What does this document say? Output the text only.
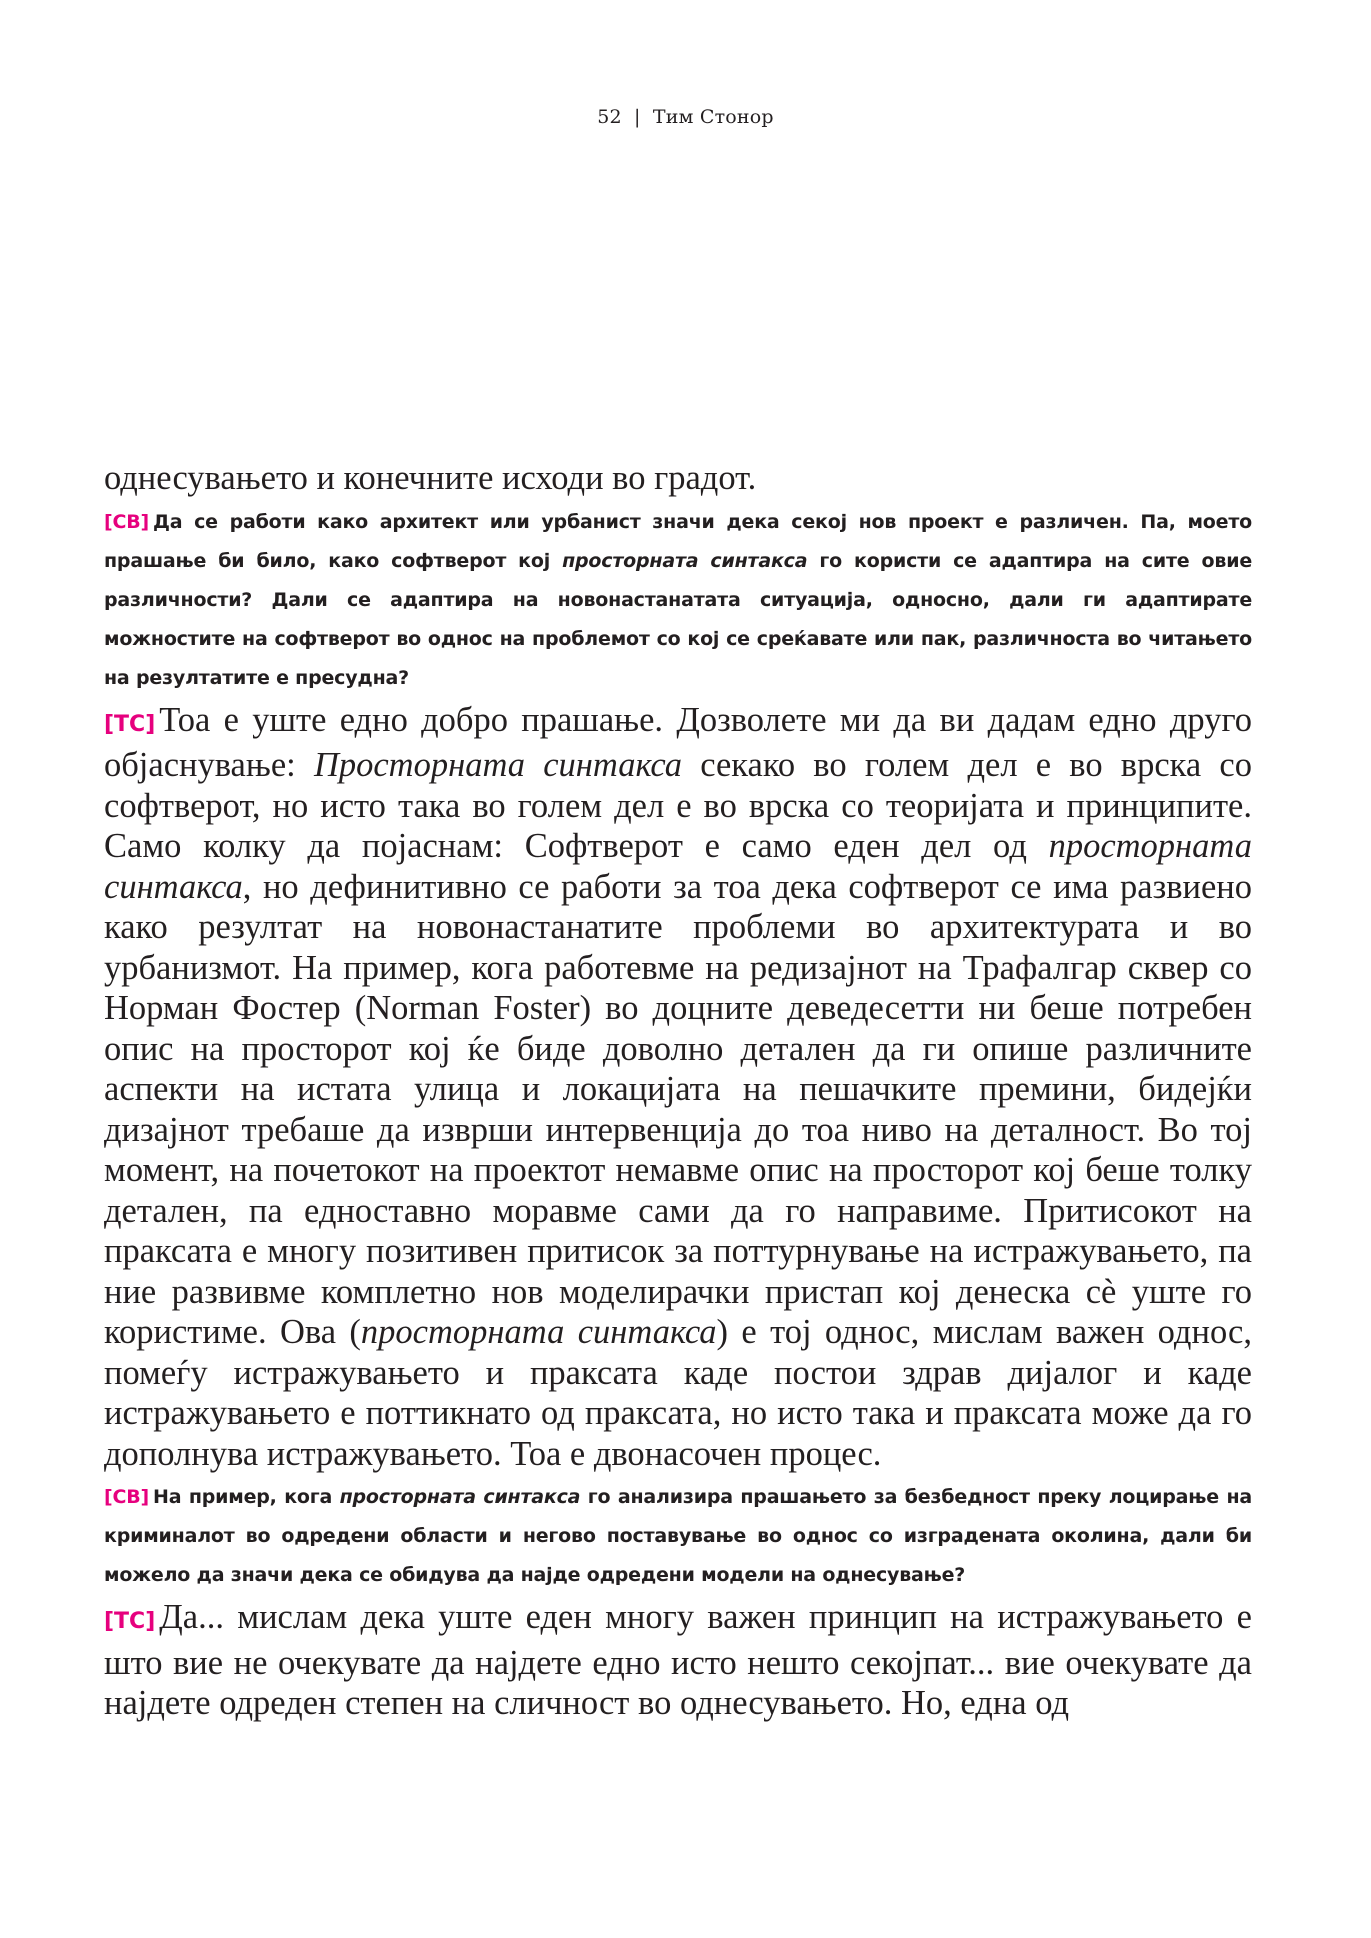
52 | Тим Стонор

однесувањето и конечните исходи во градот.

[СВ] Да се работи како архитект или урбанист значи дека секој нов проект е различен. Па, моето прашање би било, како софтверот кој просторната синтакса го користи се адаптира на сите овие различности? Дали се адаптира на новонастанатата ситуација, односно, дали ги адаптирате можностите на софтверот во однос на проблемот со кој се среќавате или пак, различноста во читањето на резултатите е пресудна?

[ТС] Тоа е уште едно добро прашање. Дозволете ми да ви дадам едно друго објаснување: Просторната синтакса секако во голем дел е во врска со софтверот, но исто така во голем дел е во врска со теоријата и принципите. Само колку да појаснам: Софтверот е само еден дел од просторната синтакса, но дефинитивно се работи за тоа дека софтверот се има развиено како резултат на новонастанатите проблеми во архитектурата и во урбанизмот. На пример, кога работевме на редизајнот на Трафалгар сквер со Норман Фостер (Norman Foster) во доцните деведесетти ни беше потребен опис на просторот кој ќе биде доволно детален да ги опише различните аспекти на истата улица и локацијата на пешачките премини, бидејќи дизајнот требаше да изврши интервенција до тоа ниво на деталност. Во тој момент, на почетокот на проектот немавме опис на просторот кој беше толку детален, па едноставно моравме сами да го направиме. Притисокот на праксата е многу позитивен притисок за поттурнување на истражувањето, па ние развивме комплетно нов моделирачки пристап кој денеска сè уште го користиме. Ова (просторната синтакса) е тој однос, мислам важен однос, помеѓу истражувањето и праксата каде постои здрав дијалог и каде истражувањето е поттикнато од праксата, но исто така и праксата може да го дополнува истражувањето. Тоа е двонасочен процес.

[СВ] На пример, кога просторната синтакса го анализира прашањето за безбедност преку лоцирање на криминалот во одредени области и негово поставување во однос со изградената околина, дали би можело да значи дека се обидува да најде одредени модели на однесување?

[ТС] Да... мислам дека уште еден многу важен принцип на истражувањето е што вие не очекувате да најдете едно исто нешто секојпат... вие очекувате да најдете одреден степен на сличност во однесувањето. Но, една од
